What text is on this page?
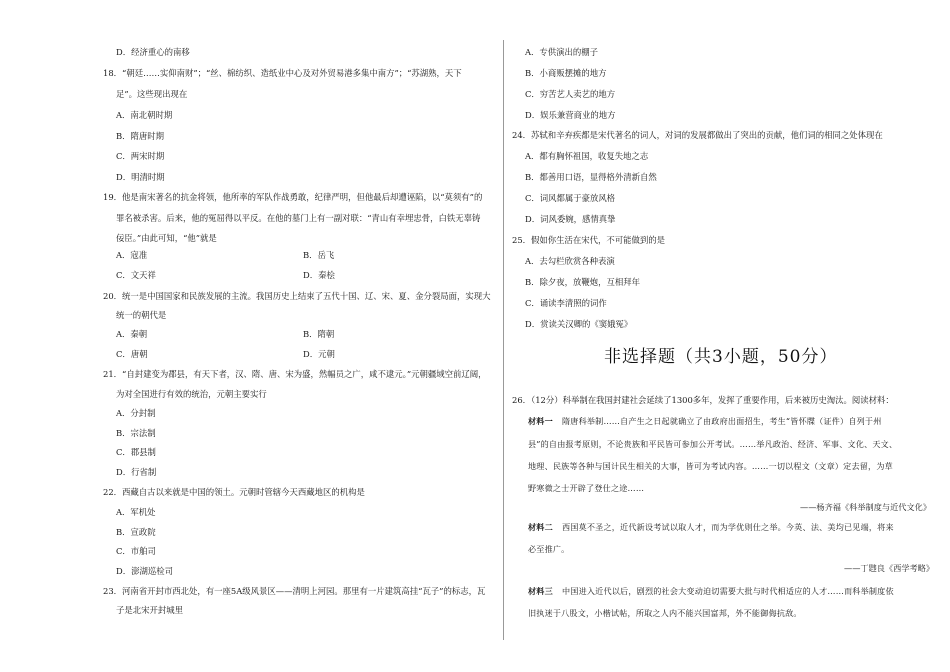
D．经济重心的南移
18．“朝廷……实仰南财”；“丝、棉纺织、造纸业中心及对外贸易港多集中南方”；“苏湖熟，天下
足”。这些现出现在
A．南北朝时期
B．隋唐时期
C．两宋时期
D．明清时期
19．他是南宋著名的抗金将领，他所率的军队作战勇敢，纪律严明，但他最后却遭诬陷，以“莫须有”的
罪名被杀害。后来，他的冤屈得以平反。在他的墓门上有一副对联：“青山有幸埋忠骨，白铁无辜铸
佞臣。”由此可知，“他”就是
A．寇准	B．岳飞
C．文天祥	D．秦桧
20．统一是中国国家和民族发展的主流。我国历史上结束了五代十国、辽、宋、夏、金分裂局面，实现大
统一的朝代是
A．秦朝	B．隋朝
C．唐朝	D．元朝
21．“自封建变为郡县，有天下者，汉、隋、唐、宋为盛，然幅员之广，咸不逮元。”元朝疆域空前辽阔，
为对全国进行有效的统治，元朝主要实行
A．分封制
B．宗法制
C．郡县制
D．行省制
22．西藏自古以来就是中国的领土。元朝时管辖今天西藏地区的机构是
A．军机处
B．宣政院
C．市舶司
D．澎湖巡检司
23．河南省开封市西北处，有一座5A级风景区——清明上河园。那里有一片建筑高挂“瓦子”的标志，瓦
子是北宋开封城里
A．专供演出的棚子
B．小商贩摆摊的地方
C．穷苦艺人卖艺的地方
D．娱乐兼营商业的地方
24．苏轼和辛弃疾都是宋代著名的词人，对词的发展都做出了突出的贡献，他们词的相同之处体现在
A．都有胸怀祖国，收复失地之志
B．都善用口语，显得格外清新自然
C．词风都属于豪放风格
D．词风委婉，感情真挚
25．假如你生活在宋代，不可能做到的是
A．去勾栏欣赏各种表演
B．除夕夜，放鞭炮，互相拜年
C．诵读李清照的词作
D．赏读关汉卿的《窦娥冤》
非选择题（共3小题，50分）
26．（12分）科举制在我国封建社会延续了1300多年，发挥了重要作用，后来被历史淘汰。阅读材料：
材料一 隋唐科举制……自产生之日起就确立了由政府出面招生，考生“皆怀牒（证件）自列于州
县”的自由报考原则，不论贵族和平民皆可参加公开考试。……举凡政治、经济、军事、文化、天文、
地理、民族等各种与国计民生相关的大事，皆可为考试内容。……一切以程文（文章）定去留，为草
野寒微之士开辟了登仕之途……
——杨齐福《科举制度与近代文化》
材料二 西国莫不圣之，近代新设考试以取人才，而为学优则仕之举。今英、法、美均已见端，将来
必至推广。
——丁韪良《西学考略》
材料三 中国进入近代以后，剧烈的社会大变动迫切需要大批与时代相适应的人才……而科举制度依
旧执迷于八股文，小楷试帖，所取之人内不能兴国富邦，外不能御侮抗敌。
